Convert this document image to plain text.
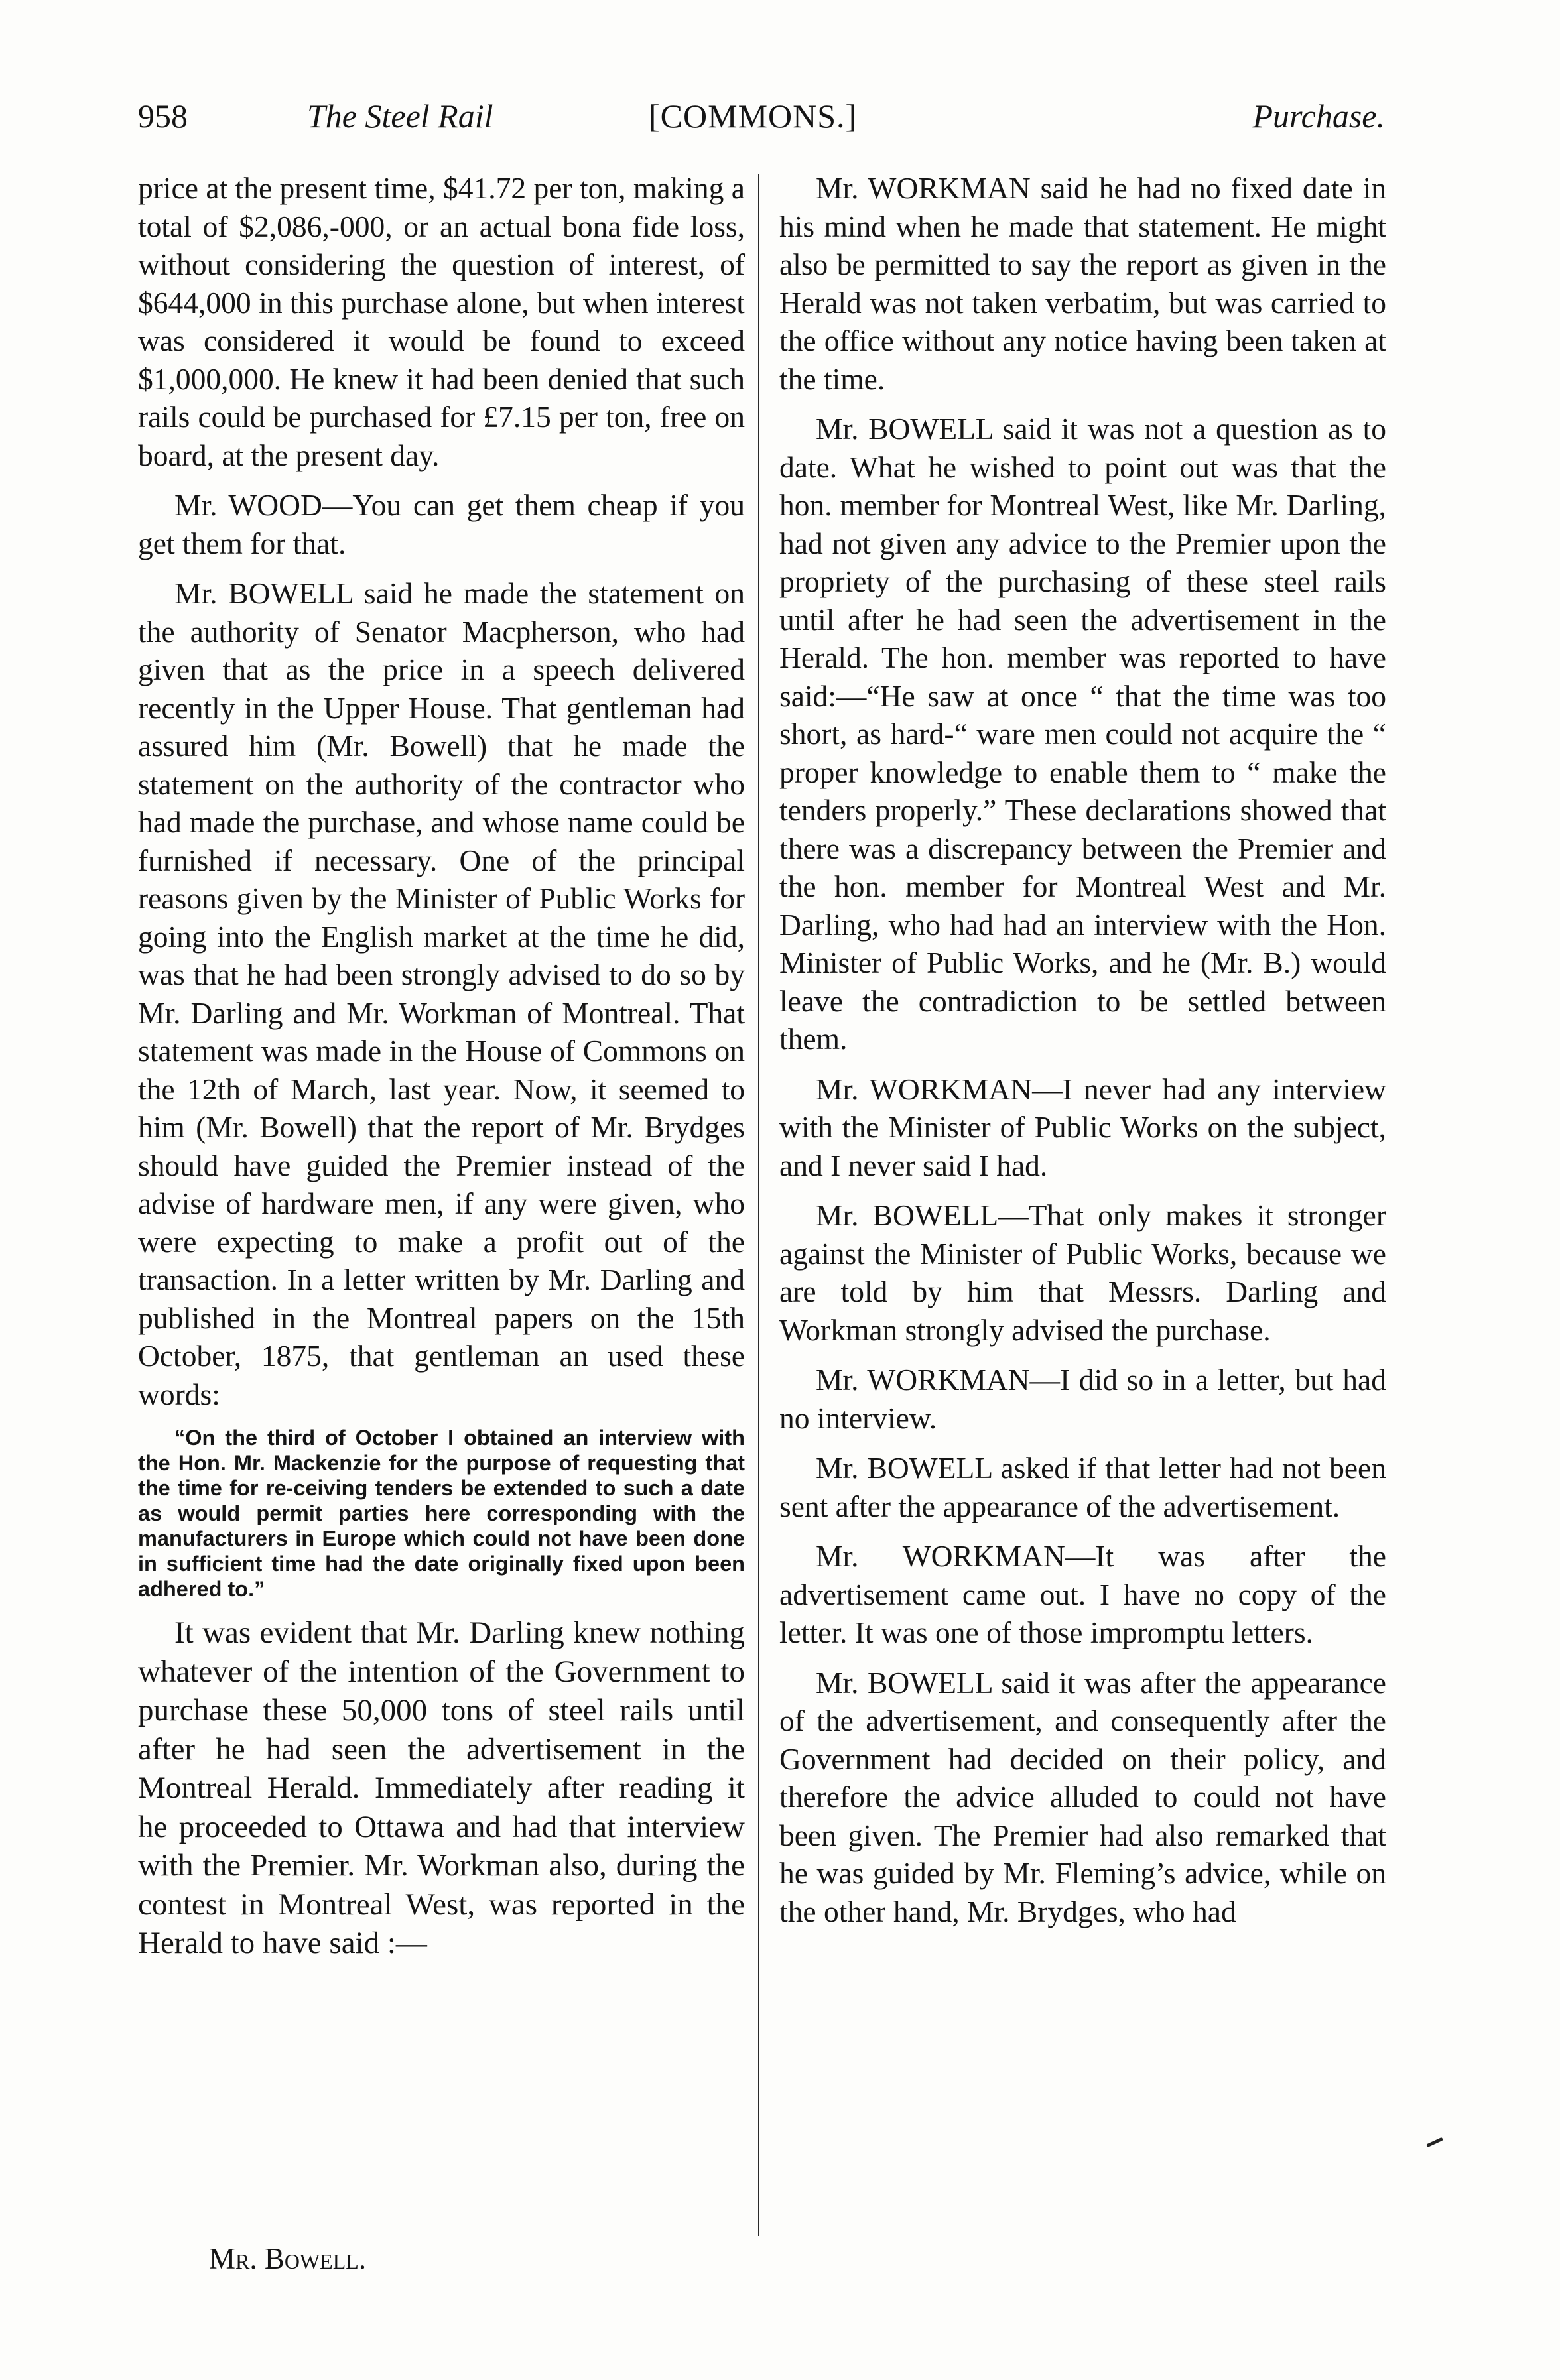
958	The Steel Rail	[COMMONS.]	Purchase.

price at the present time, $41.72 per ton, making a total of $2,086,-000, or an actual bona fide loss, without considering the question of interest, of $644,000 in this purchase alone, but when interest was considered it would be found to exceed $1,000,000. He knew it had been denied that such rails could be purchased for £7.15 per ton, free on board, at the present day.

Mr. WOOD—You can get them cheap if you get them for that.

Mr. BOWELL said he made the statement on the authority of Senator Macpherson, who had given that as the price in a speech delivered recently in the Upper House. That gentleman had assured him (Mr. Bowell) that he made the statement on the authority of the contractor who had made the purchase, and whose name could be furnished if necessary. One of the principal reasons given by the Minister of Public Works for going into the English market at the time he did, was that he had been strongly advised to do so by Mr. Darling and Mr. Workman of Montreal. That statement was made in the House of Commons on the 12th of March, last year. Now, it seemed to him (Mr. Bowell) that the report of Mr. Brydges should have guided the Premier instead of the advise of hardware men, if any were given, who were expecting to make a profit out of the transaction. In a letter written by Mr. Darling and published in the Montreal papers on the 15th October, 1875, that gentleman an used these words:

“On the third of October I obtained an interview with the Hon. Mr. Mackenzie for the purpose of requesting that the time for re-ceiving tenders be extended to such a date as would permit parties here corresponding with the manufacturers in Europe which could not have been done in sufficient time had the date originally fixed upon been adhered to.”

It was evident that Mr. Darling knew nothing whatever of the intention of the Government to purchase these 50,000 tons of steel rails until after he had seen the advertisement in the Montreal Herald. Immediately after reading it he proceeded to Ottawa and had that interview with the Premier. Mr. Workman also, during the contest in Montreal West, was reported in the Herald to have said :—

Mr. WORKMAN said he had no fixed date in his mind when he made that statement. He might also be permitted to say the report as given in the Herald was not taken verbatim, but was carried to the office without any notice having been taken at the time.

Mr. BOWELL said it was not a question as to date. What he wished to point out was that the hon. member for Montreal West, like Mr. Darling, had not given any advice to the Premier upon the propriety of the purchasing of these steel rails until after he had seen the advertisement in the Herald. The hon. member was reported to have said:—“He saw at once “ that the time was too short, as hard-“ ware men could not acquire the “ proper knowledge to enable them to “ make the tenders properly.” These declarations showed that there was a discrepancy between the Premier and the hon. member for Montreal West and Mr. Darling, who had had an interview with the Hon. Minister of Public Works, and he (Mr. B.) would leave the contradiction to be settled between them.

Mr. WORKMAN—I never had any interview with the Minister of Public Works on the subject, and I never said I had.

Mr. BOWELL—That only makes it stronger against the Minister of Public Works, because we are told by him that Messrs. Darling and Workman strongly advised the purchase.

Mr. WORKMAN—I did so in a letter, but had no interview.

Mr. BOWELL asked if that letter had not been sent after the appearance of the advertisement.

Mr. WORKMAN—It was after the advertisement came out. I have no copy of the letter. It was one of those impromptu letters.

Mr. BOWELL said it was after the appearance of the advertisement, and consequently after the Government had decided on their policy, and therefore the advice alluded to could not have been given. The Premier had also remarked that he was guided by Mr. Fleming’s advice, while on the other hand, Mr. Brydges, who had

Mr. Bowell.
